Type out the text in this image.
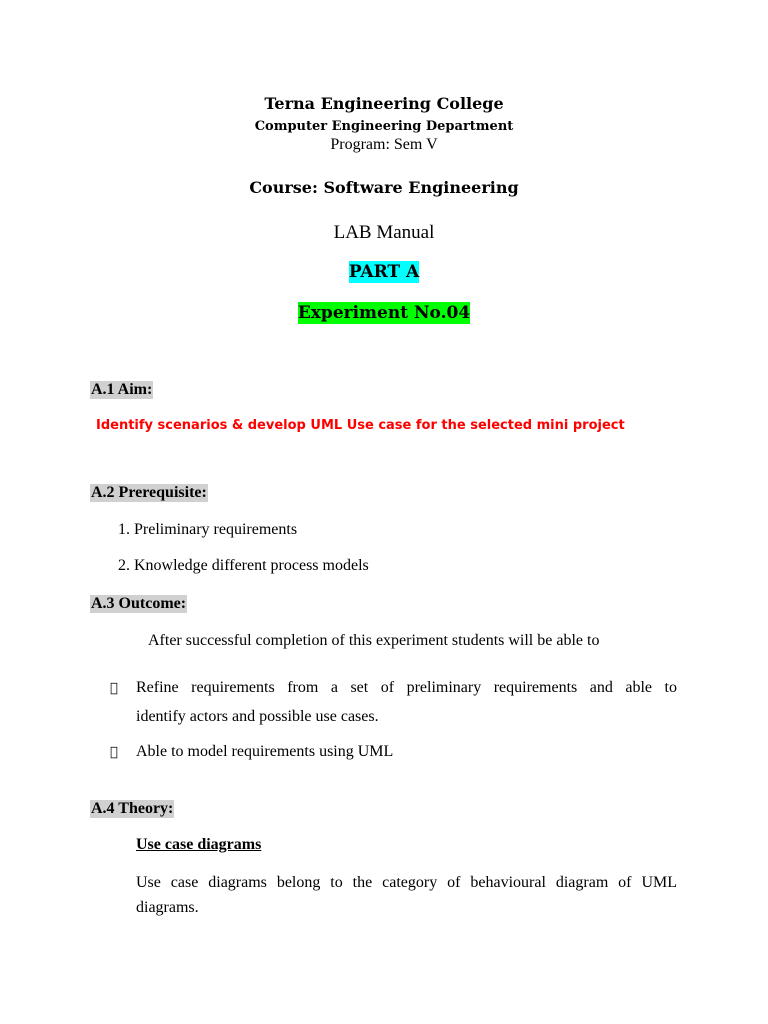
Terna Engineering College
Computer Engineering Department
Program: Sem V
Course: Software Engineering
LAB Manual
PART A
Experiment No.04
A.1 Aim:
Identify scenarios & develop UML Use case for the selected mini project
A.2 Prerequisite:
1. Preliminary requirements
2. Knowledge different process models
A.3 Outcome:
After successful completion of this experiment students will be able to
Refine requirements from a set of preliminary requirements and able to
identify actors and possible use cases.
Able to model requirements using UML
A.4 Theory:
Use case diagrams
Use case diagrams belong to the category of behavioural diagram of UML
diagrams.
